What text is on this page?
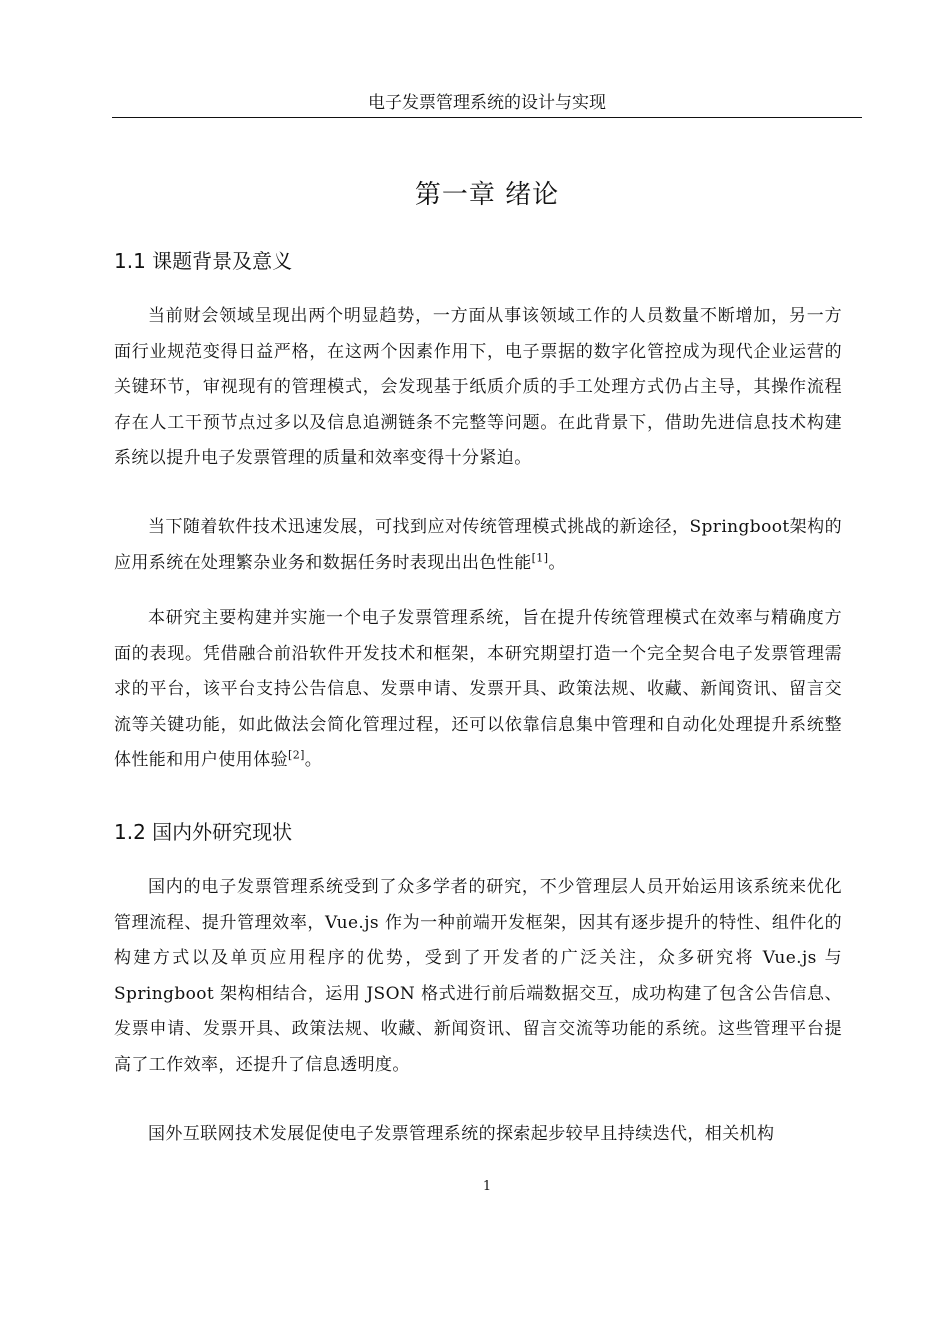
电子发票管理系统的设计与实现
第一章 绪论
1.1 课题背景及意义

当前财会领域呈现出两个明显趋势，一方面从事该领域工作的人员数量不断增加，另一方面行业规范变得日益严格，在这两个因素作用下，电子票据的数字化管控成为现代企业运营的关键环节，审视现有的管理模式，会发现基于纸质介质的手工处理方式仍占主导，其操作流程存在人工干预节点过多以及信息追溯链条不完整等问题。在此背景下，借助先进信息技术构建系统以提升电子发票管理的质量和效率变得十分紧迫。

当下随着软件技术迅速发展，可找到应对传统管理模式挑战的新途径，Springboot架构的应用系统在处理繁杂业务和数据任务时表现出出色性能[1]。

本研究主要构建并实施一个电子发票管理系统，旨在提升传统管理模式在效率与精确度方面的表现。凭借融合前沿软件开发技术和框架，本研究期望打造一个完全契合电子发票管理需求的平台，该平台支持公告信息、发票申请、发票开具、政策法规、收藏、新闻资讯、留言交流等关键功能，如此做法会简化管理过程，还可以依靠信息集中管理和自动化处理提升系统整体性能和用户使用体验[2]。

1.2 国内外研究现状

国内的电子发票管理系统受到了众多学者的研究，不少管理层人员开始运用该系统来优化管理流程、提升管理效率，Vue.js 作为一种前端开发框架，因其有逐步提升的特性、组件化的构建方式以及单页应用程序的优势，受到了开发者的广泛关注，众多研究将 Vue.js 与 Springboot 架构相结合，运用 JSON 格式进行前后端数据交互，成功构建了包含公告信息、发票申请、发票开具、政策法规、收藏、新闻资讯、留言交流等功能的系统。这些管理平台提高了工作效率，还提升了信息透明度。

国外互联网技术发展促使电子发票管理系统的探索起步较早且持续迭代，相关机构

1
